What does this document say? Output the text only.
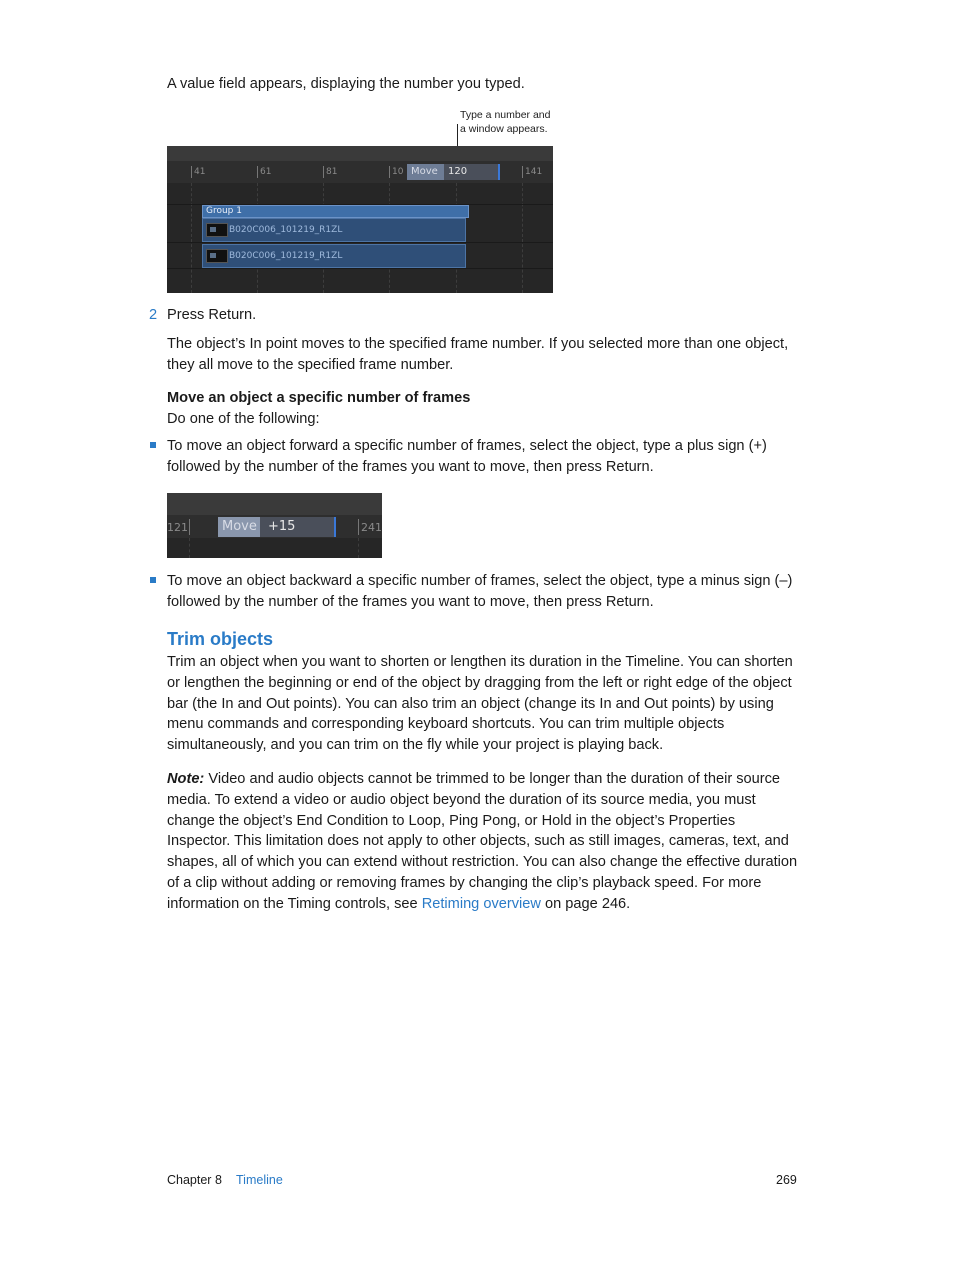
A value field appears, displaying the number you typed.
Type a number and
a window appears.
41	61	81	10	141
Move	120
Group 1
B020C006_101219_R1ZL
B020C006_101219_R1ZL
2 Press Return.
The object’s In point moves to the specified frame number. If you selected more than one object, they all move to the specified frame number.
Move an object a specific number of frames
Do one of the following:
To move an object forward a specific number of frames, select the object, type a plus sign (+) followed by the number of the frames you want to move, then press Return.
121	241
Move +15
To move an object backward a specific number of frames, select the object, type a minus sign (–) followed by the number of the frames you want to move, then press Return.
Trim objects
Trim an object when you want to shorten or lengthen its duration in the Timeline. You can shorten or lengthen the beginning or end of the object by dragging from the left or right edge of the object bar (the In and Out points). You can also trim an object (change its In and Out points) by using menu commands and corresponding keyboard shortcuts. You can trim multiple objects simultaneously, and you can trim on the fly while your project is playing back.
Note: Video and audio objects cannot be trimmed to be longer than the duration of their source media. To extend a video or audio object beyond the duration of its source media, you must change the object’s End Condition to Loop, Ping Pong, or Hold in the object’s Properties Inspector. This limitation does not apply to other objects, such as still images, cameras, text, and shapes, all of which you can extend without restriction. You can also change the effective duration of a clip without adding or removing frames by changing the clip’s playback speed. For more information on the Timing controls, see Retiming overview on page 246.
Chapter 8 Timeline	269
